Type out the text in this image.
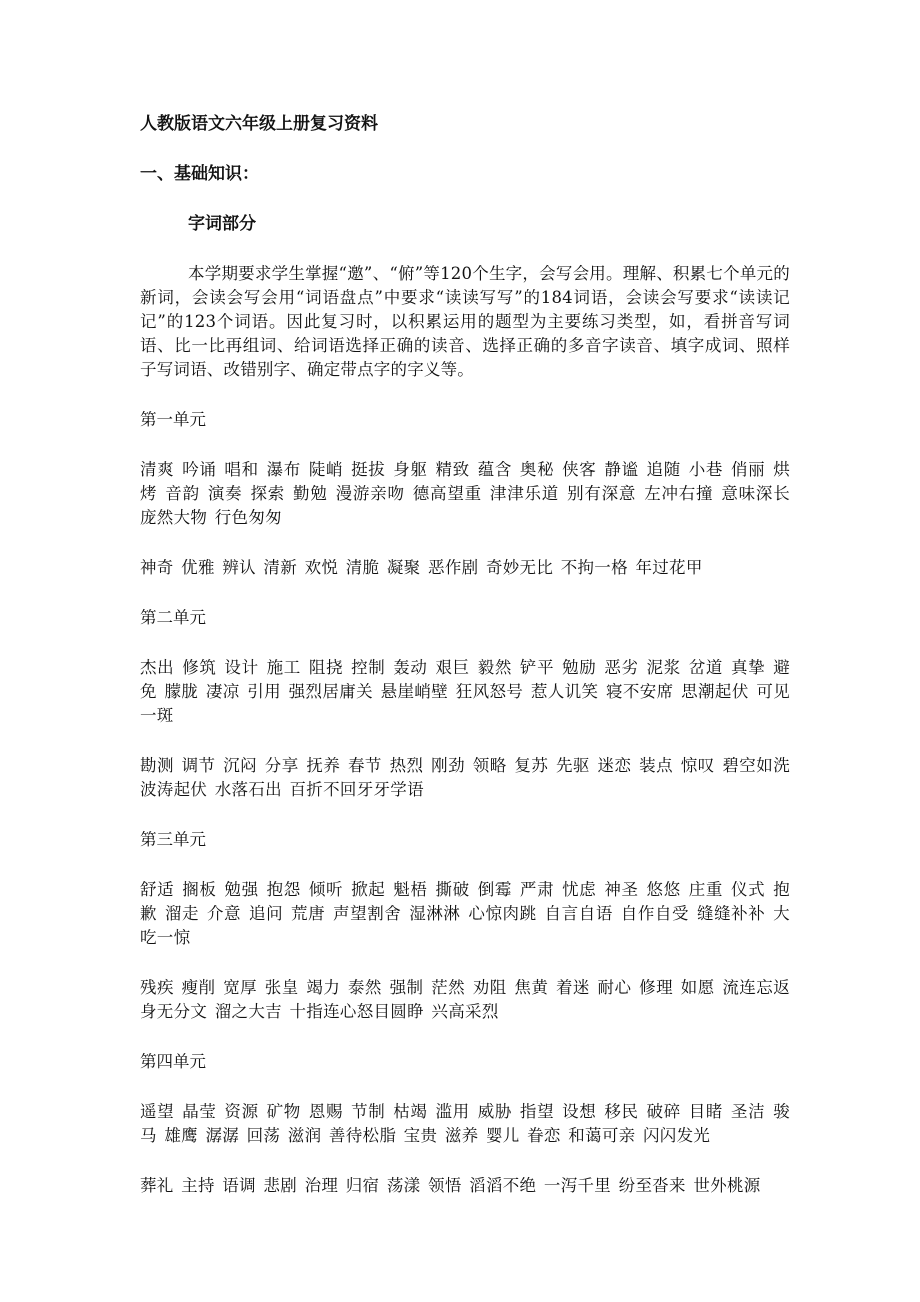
人教版语文六年级上册复习资料
一、基础知识：
字词部分

本学期要求学生掌握“邀”、“俯”等120个生字，会写会用。理解、积累七个单元的新词，会读会写会用“词语盘点”中要求“读读写写”的184词语，会读会写要求“读读记记”的123个词语。因此复习时，以积累运用的题型为主要练习类型，如，看拼音写词语、比一比再组词、给词语选择正确的读音、选择正确的多音字读音、填字成词、照样子写词语、改错别字、确定带点字的字义等。

第一单元

清爽 吟诵 唱和 瀑布 陡峭 挺拔 身躯 精致 蕴含 奥秘 侠客 静谧 追随 小巷 俏丽 烘烤 音韵 演奏 探索 勤勉 漫游亲吻 德高望重 津津乐道 别有深意 左冲右撞 意味深长 庞然大物 行色匆匆

神奇 优雅 辨认 清新 欢悦 清脆 凝聚 恶作剧 奇妙无比 不拘一格 年过花甲

第二单元

杰出 修筑 设计 施工 阻挠 控制 轰动 艰巨 毅然 铲平 勉励 恶劣 泥浆 岔道 真挚 避免 朦胧 凄凉 引用 强烈居庸关 悬崖峭壁 狂风怒号 惹人讥笑 寝不安席 思潮起伏 可见一斑

勘测 调节 沉闷 分享 抚养 春节 热烈 刚劲 领略 复苏 先驱 迷恋 装点 惊叹 碧空如洗 波涛起伏 水落石出 百折不回牙牙学语

第三单元

舒适 搁板 勉强 抱怨 倾听 掀起 魁梧 撕破 倒霉 严肃 忧虑 神圣 悠悠 庄重 仪式 抱歉 溜走 介意 追问 荒唐 声望割舍 湿淋淋 心惊肉跳 自言自语 自作自受 缝缝补补 大吃一惊

残疾 瘦削 宽厚 张皇 竭力 泰然 强制 茫然 劝阻 焦黄 着迷 耐心 修理 如愿 流连忘返 身无分文 溜之大吉 十指连心怒目圆睁 兴高采烈

第四单元

遥望 晶莹 资源 矿物 恩赐 节制 枯竭 滥用 威胁 指望 设想 移民 破碎 目睹 圣洁 骏马 雄鹰 潺潺 回荡 滋润 善待松脂 宝贵 滋养 婴儿 眷恋 和蔼可亲 闪闪发光

葬礼 主持 语调 悲剧 治理 归宿 荡漾 领悟 滔滔不绝 一泻千里 纷至沓来 世外桃源
